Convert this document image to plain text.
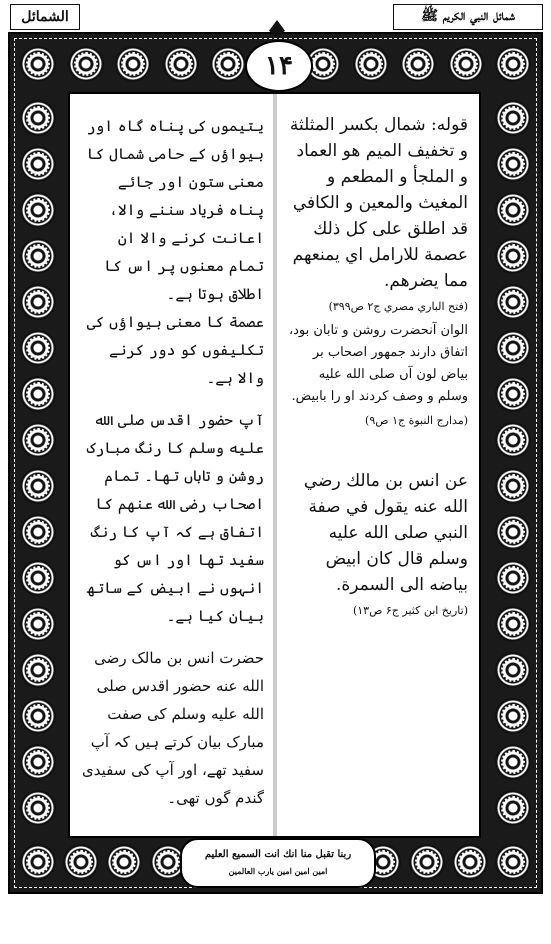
الشمائل	شمائل النبي الكريم ﷺ
۱۴

قوله: شمال بكسر المثلثة و تخفيف الميم هو العماد و الملجأ و المطعم و المغيث والمعين و الكافي قد اطلق على كل ذلك عصمة للارامل اي يمنعهم مما يضرهم.

(فتح الباري مصري ج۲ ص۳۹۹)

الوان آنحضرت روشن و تابان بود، اتفاق دارند جمهور اصحاب بر بیاض لون آں صلی الله علیه وسلم و وصف کردند او را بابیض.

(مدارج النبوة ج۱ ص۹)

عن انس بن مالك رضي الله عنه يقول في صفة النبي صلى الله عليه وسلم قال كان ابيض بياضه الى السمرة.

(تاريخ ابن كثير ج۶ ص۱۳)

یتیموں کی پناہ گاہ اور بیواؤں کے حامی شمال کا معنی ستون اور جائے پناہ فریاد سننے والا، اعانت کرنے والا ان تمام معنوں پر اس کا اطلاق ہوتا ہے۔

عصمة کا معنی بیواؤں کی تکلیفوں کو دور کرنے والا ہے۔

آپ حضور اقدس صلی الله علیه وسلم کا رنگ مبارک روشن و تاباں تھا۔ تمام اصحاب رضی الله عنهم کا اتفاق ہے کہ آپ کا رنگ سفید تھا اور اس کو انہوں نے ابیض کے ساتھ بیان کیا ہے۔

حضرت انس بن مالک رضی الله عنه حضور اقدس صلی الله علیه وسلم کی صفت مبارک بیان کرتے ہیں کہ آپ سفید تھے، اور آپ کی سفیدی گندم گوں تھی۔

ربنا تقبل منا انك انت السميع العليم
امين امين امين يارب العالمين
